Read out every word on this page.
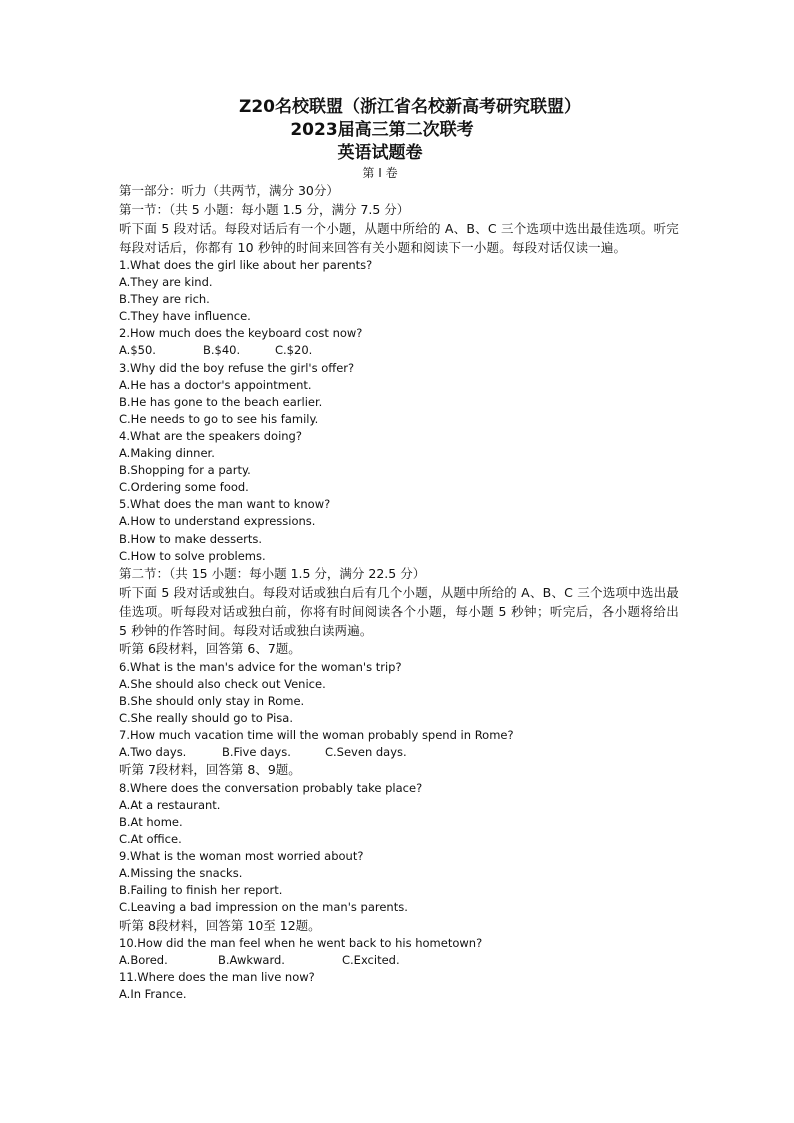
Z20名校联盟（浙江省名校新高考研究联盟）
2023届高三第二次联考
英语试题卷
第 I 卷
第一部分：听力（共两节，满分 30分）
第一节：（共 5 小题：每小题 1.5 分，满分 7.5 分）
听下面 5 段对话。每段对话后有一个小题，从题中所给的 A、B、C 三个选项中选出最佳选项。听完每段对话后，你都有 10 秒钟的时间来回答有关小题和阅读下一小题。每段对话仅读一遍。
1.What does the girl like about her parents?
A.They are kind.
B.They are rich.
C.They have influence.
2.How much does the keyboard cost now?
A.$50.	B.$40.	C.$20.
3.Why did the boy refuse the girl's offer?
A.He has a doctor's appointment.
B.He has gone to the beach earlier.
C.He needs to go to see his family.
4.What are the speakers doing?
A.Making dinner.
B.Shopping for a party.
C.Ordering some food.
5.What does the man want to know?
A.How to understand expressions.
B.How to make desserts.
C.How to solve problems.
第二节：（共 15 小题：每小题 1.5 分，满分 22.5 分）
听下面 5 段对话或独白。每段对话或独白后有几个小题，从题中所给的 A、B、C 三个选项中选出最佳选项。听每段对话或独白前，你将有时间阅读各个小题，每小题 5 秒钟；听完后，各小题将给出 5 秒钟的作答时间。每段对话或独白读两遍。
听第 6段材料，回答第 6、7题。
6.What is the man's advice for the woman's trip?
A.She should also check out Venice.
B.She should only stay in Rome.
C.She really should go to Pisa.
7.How much vacation time will the woman probably spend in Rome?
A.Two days.	B.Five days.	C.Seven days.
听第 7段材料，回答第 8、9题。
8.Where does the conversation probably take place?
A.At a restaurant.
B.At home.
C.At office.
9.What is the woman most worried about?
A.Missing the snacks.
B.Failing to finish her report.
C.Leaving a bad impression on the man's parents.
听第 8段材料，回答第 10至 12题。
10.How did the man feel when he went back to his hometown?
A.Bored.	B.Awkward.	C.Excited.
11.Where does the man live now?
A.In France.
